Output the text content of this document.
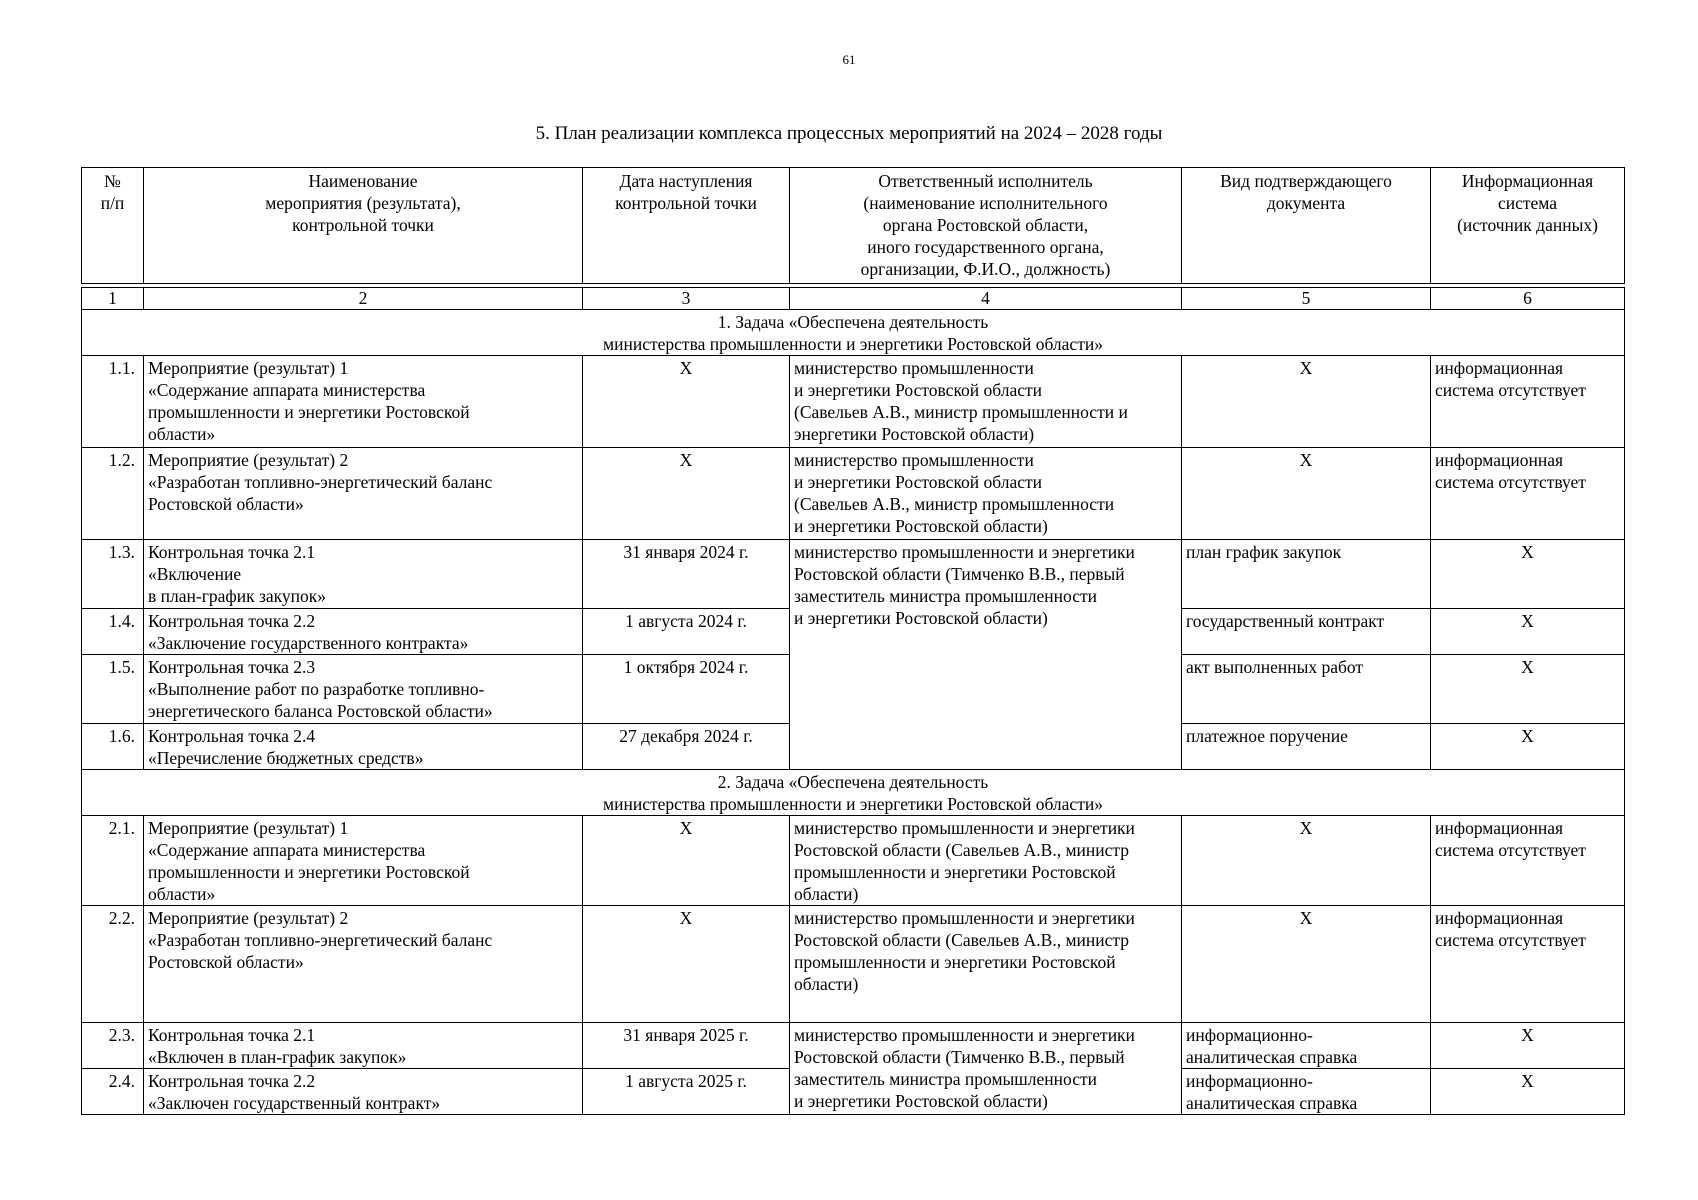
61
5. План реализации комплекса процессных мероприятий на 2024 – 2028 годы
№
п/п	Наименование
мероприятия (результата),
контрольной точки	Дата наступления
контрольной точки	Ответственный исполнитель
(наименование исполнительного
органа Ростовской области,
иного государственного органа,
организации, Ф.И.О., должность)	Вид подтверждающего
документа	Информационная
система
(источник данных)
1	2	3	4	5	6
1. Задача «Обеспечена деятельность
министерства промышленности и энергетики Ростовской области»					
1.1.	Мероприятие (результат) 1
«Содержание аппарата министерства
промышленности и энергетики Ростовской
области»	Х	министерство промышленности
и энергетики Ростовской области
(Савельев А.В., министр промышленности и
энергетики Ростовской области)	Х	информационная
система отсутствует
1.2.	Мероприятие (результат) 2
«Разработан топливно-энергетический баланс
Ростовской области»	Х	министерство промышленности
и энергетики Ростовской области
(Савельев А.В., министр промышленности
и энергетики Ростовской области)	Х	информационная
система отсутствует
1.3.	Контрольная точка 2.1
«Включение
в план-график закупок»	31 января 2024 г.	министерство промышленности и энергетики
Ростовской области (Тимченко В.В., первый
заместитель министра промышленности
и энергетики Ростовской области)	план график закупок	Х
1.4.	Контрольная точка 2.2
«Заключение государственного контракта»	1 августа 2024 г.		государственный контракт	Х
1.5.	Контрольная точка 2.3
«Выполнение работ по разработке топливно-
энергетического баланса Ростовской области»	1 октября 2024 г.		акт выполненных работ	Х
1.6.	Контрольная точка 2.4
«Перечисление бюджетных средств»	27 декабря 2024 г.		платежное поручение	Х
2. Задача «Обеспечена деятельность
министерства промышленности и энергетики Ростовской области»					
2.1.	Мероприятие (результат) 1
«Содержание аппарата министерства
промышленности и энергетики Ростовской
области»	Х	министерство промышленности и энергетики
Ростовской области (Савельев А.В., министр
промышленности и энергетики Ростовской
области)	Х	информационная
система отсутствует
2.2.	Мероприятие (результат) 2
«Разработан топливно-энергетический баланс
Ростовской области»	Х	министерство промышленности и энергетики
Ростовской области (Савельев А.В., министр
промышленности и энергетики Ростовской
области)	Х	информационная
система отсутствует
2.3.	Контрольная точка 2.1
«Включен в план-график закупок»	31 января 2025 г.	министерство промышленности и энергетики
Ростовской области (Тимченко В.В., первый
заместитель министра промышленности
и энергетики Ростовской области)	информационно-
аналитическая справка	Х
2.4.	Контрольная точка 2.2
«Заключен государственный контракт»	1 августа 2025 г.		информационно-
аналитическая справка	Х
